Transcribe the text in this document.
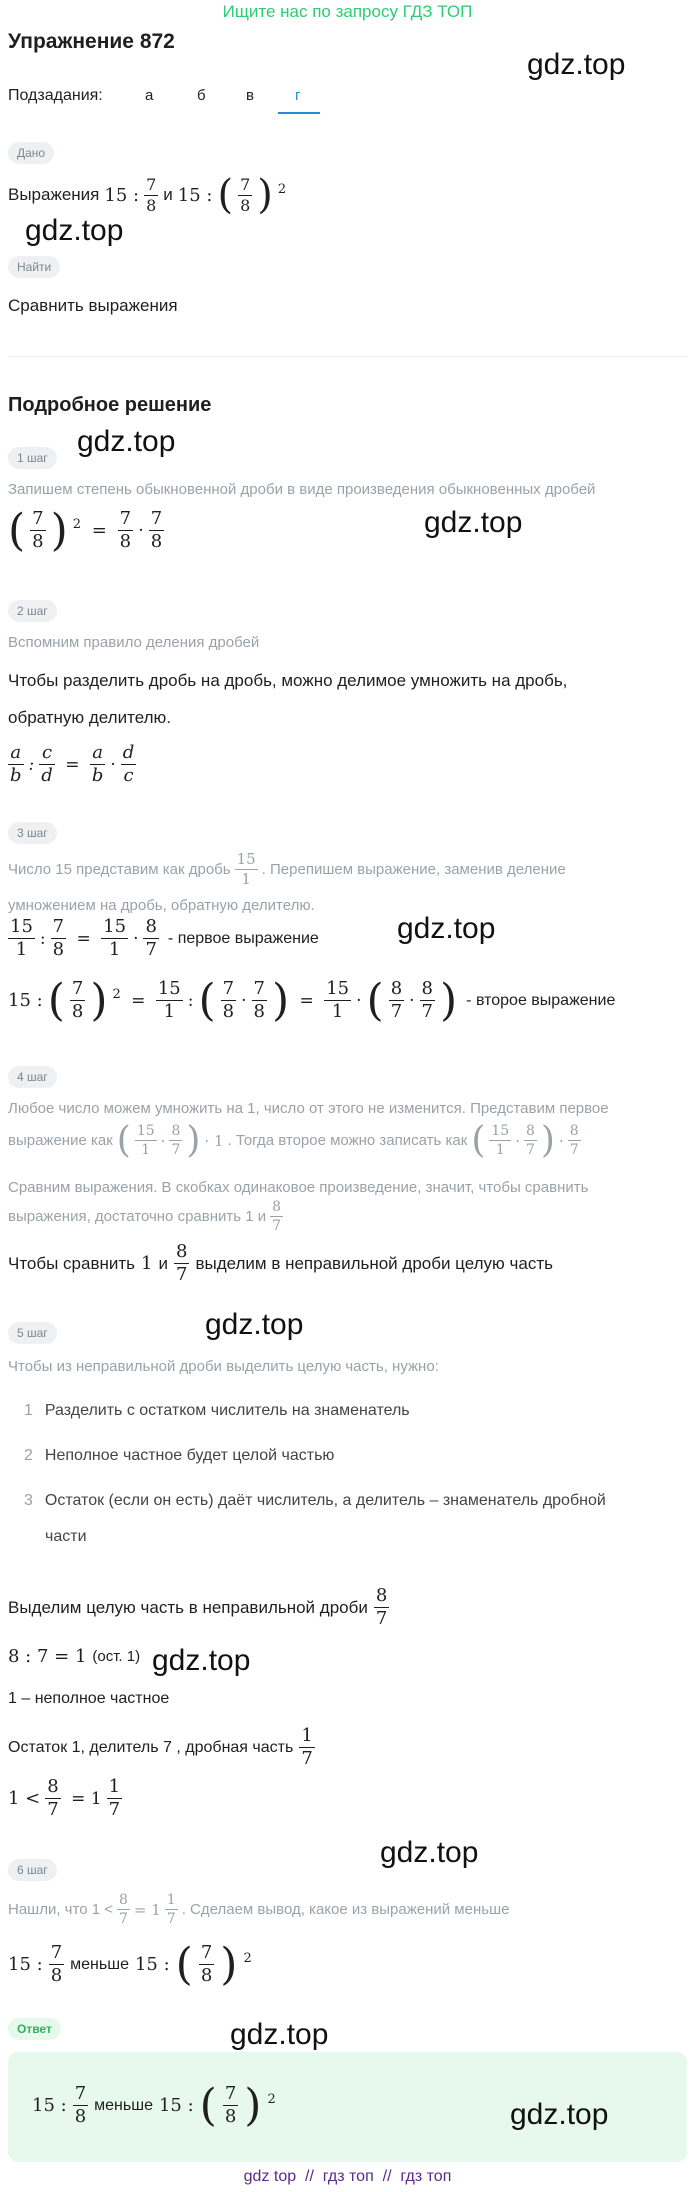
Ищите нас по запросу ГДЗ ТОП
Упражнение 872
Подзадания:	а	б	в	г
Дано
Выражения 15 : $\frac{7}{8}$ и 15 : ( $\frac{7}{8}$ ) 2
Найти
Сравнить выражения
Подробное решение
1 шаг
Запишем степень обыкновенной дроби в виде произведения обыкновенных дробей
( $\frac{7}{8}$ ) $2 = \frac{7}{8} \cdot \frac{7}{8}$
2 шаг
Вспомним правило деления дробей
Чтобы разделить дробь на дробь, можно делимое умножить на дробь,
обратную делителю.
$\frac{a}{b}$ : $\frac{c}{d} = \frac{a}{b} \cdot \frac{d}{c}$
3 шаг
Число 15 представим как дробь $\frac{15}{1}$ . Перепишем выражение, заменив деление
умножением на дробь, обратную делителю.
$\frac{15}{1}$ : $\frac{7}{8} = \frac{15}{1} \cdot \frac{8}{7}$ - первое выражение
15 : ( $\frac{7}{8}$ ) $2 = \frac{15}{1}$ : ( $\frac{7}{8} \cdot \frac{7}{8}$ ) = $\frac{15}{1}$ · ( $\frac{8}{7} \cdot \frac{8}{7}$ ) - второе выражение
4 шаг
Любое число можем умножить на 1, число от этого не изменится. Представим первое
выражение как ( $\frac{15}{1} \cdot \frac{8}{7}$ ) · 1 . Тогда второе можно записать как ( $\frac{15}{1} \cdot \frac{8}{7}$ ) · $\frac{8}{7}$
Сравним выражения. В скобках одинаковое произведение, значит, чтобы сравнить
выражения, достаточно сравнить 1 и $\frac{8}{7}$
Чтобы сравнить 1 и $\frac{8}{7}$ выделим в неправильной дроби целую часть
5 шаг
Чтобы из неправильной дроби выделить целую часть, нужно:
1 Разделить с остатком числитель на знаменатель
2 Неполное частное будет целой частью
3 Остаток (если он есть) даёт числитель, а делитель – знаменатель дробной
части
Выделим целую часть в неправильной дроби $\frac{8}{7}$
8 : 7 = 1 (ост. 1)
1 – неполное частное
Остаток 1, делитель 7 , дробная часть $\frac{1}{7}$
$1 < \frac{8}{7} = 1 \frac{1}{7}$
6 шаг
Нашли, что $1 < \frac{8}{7} = 1 \frac{1}{7}$ . Сделаем вывод, какое из выражений меньше
15 : $\frac{7}{8}$ меньше 15 : ( $\frac{7}{8}$ ) 2
Ответ
15 : $\frac{7}{8}$ меньше 15 : ( $\frac{7}{8}$ ) 2
gdz top  //  гдз топ  //  гдз топ
gdz.top
gdz.top
gdz.top
gdz.top
gdz.top
gdz.top
gdz.top
gdz.top
gdz.top
gdz.top
